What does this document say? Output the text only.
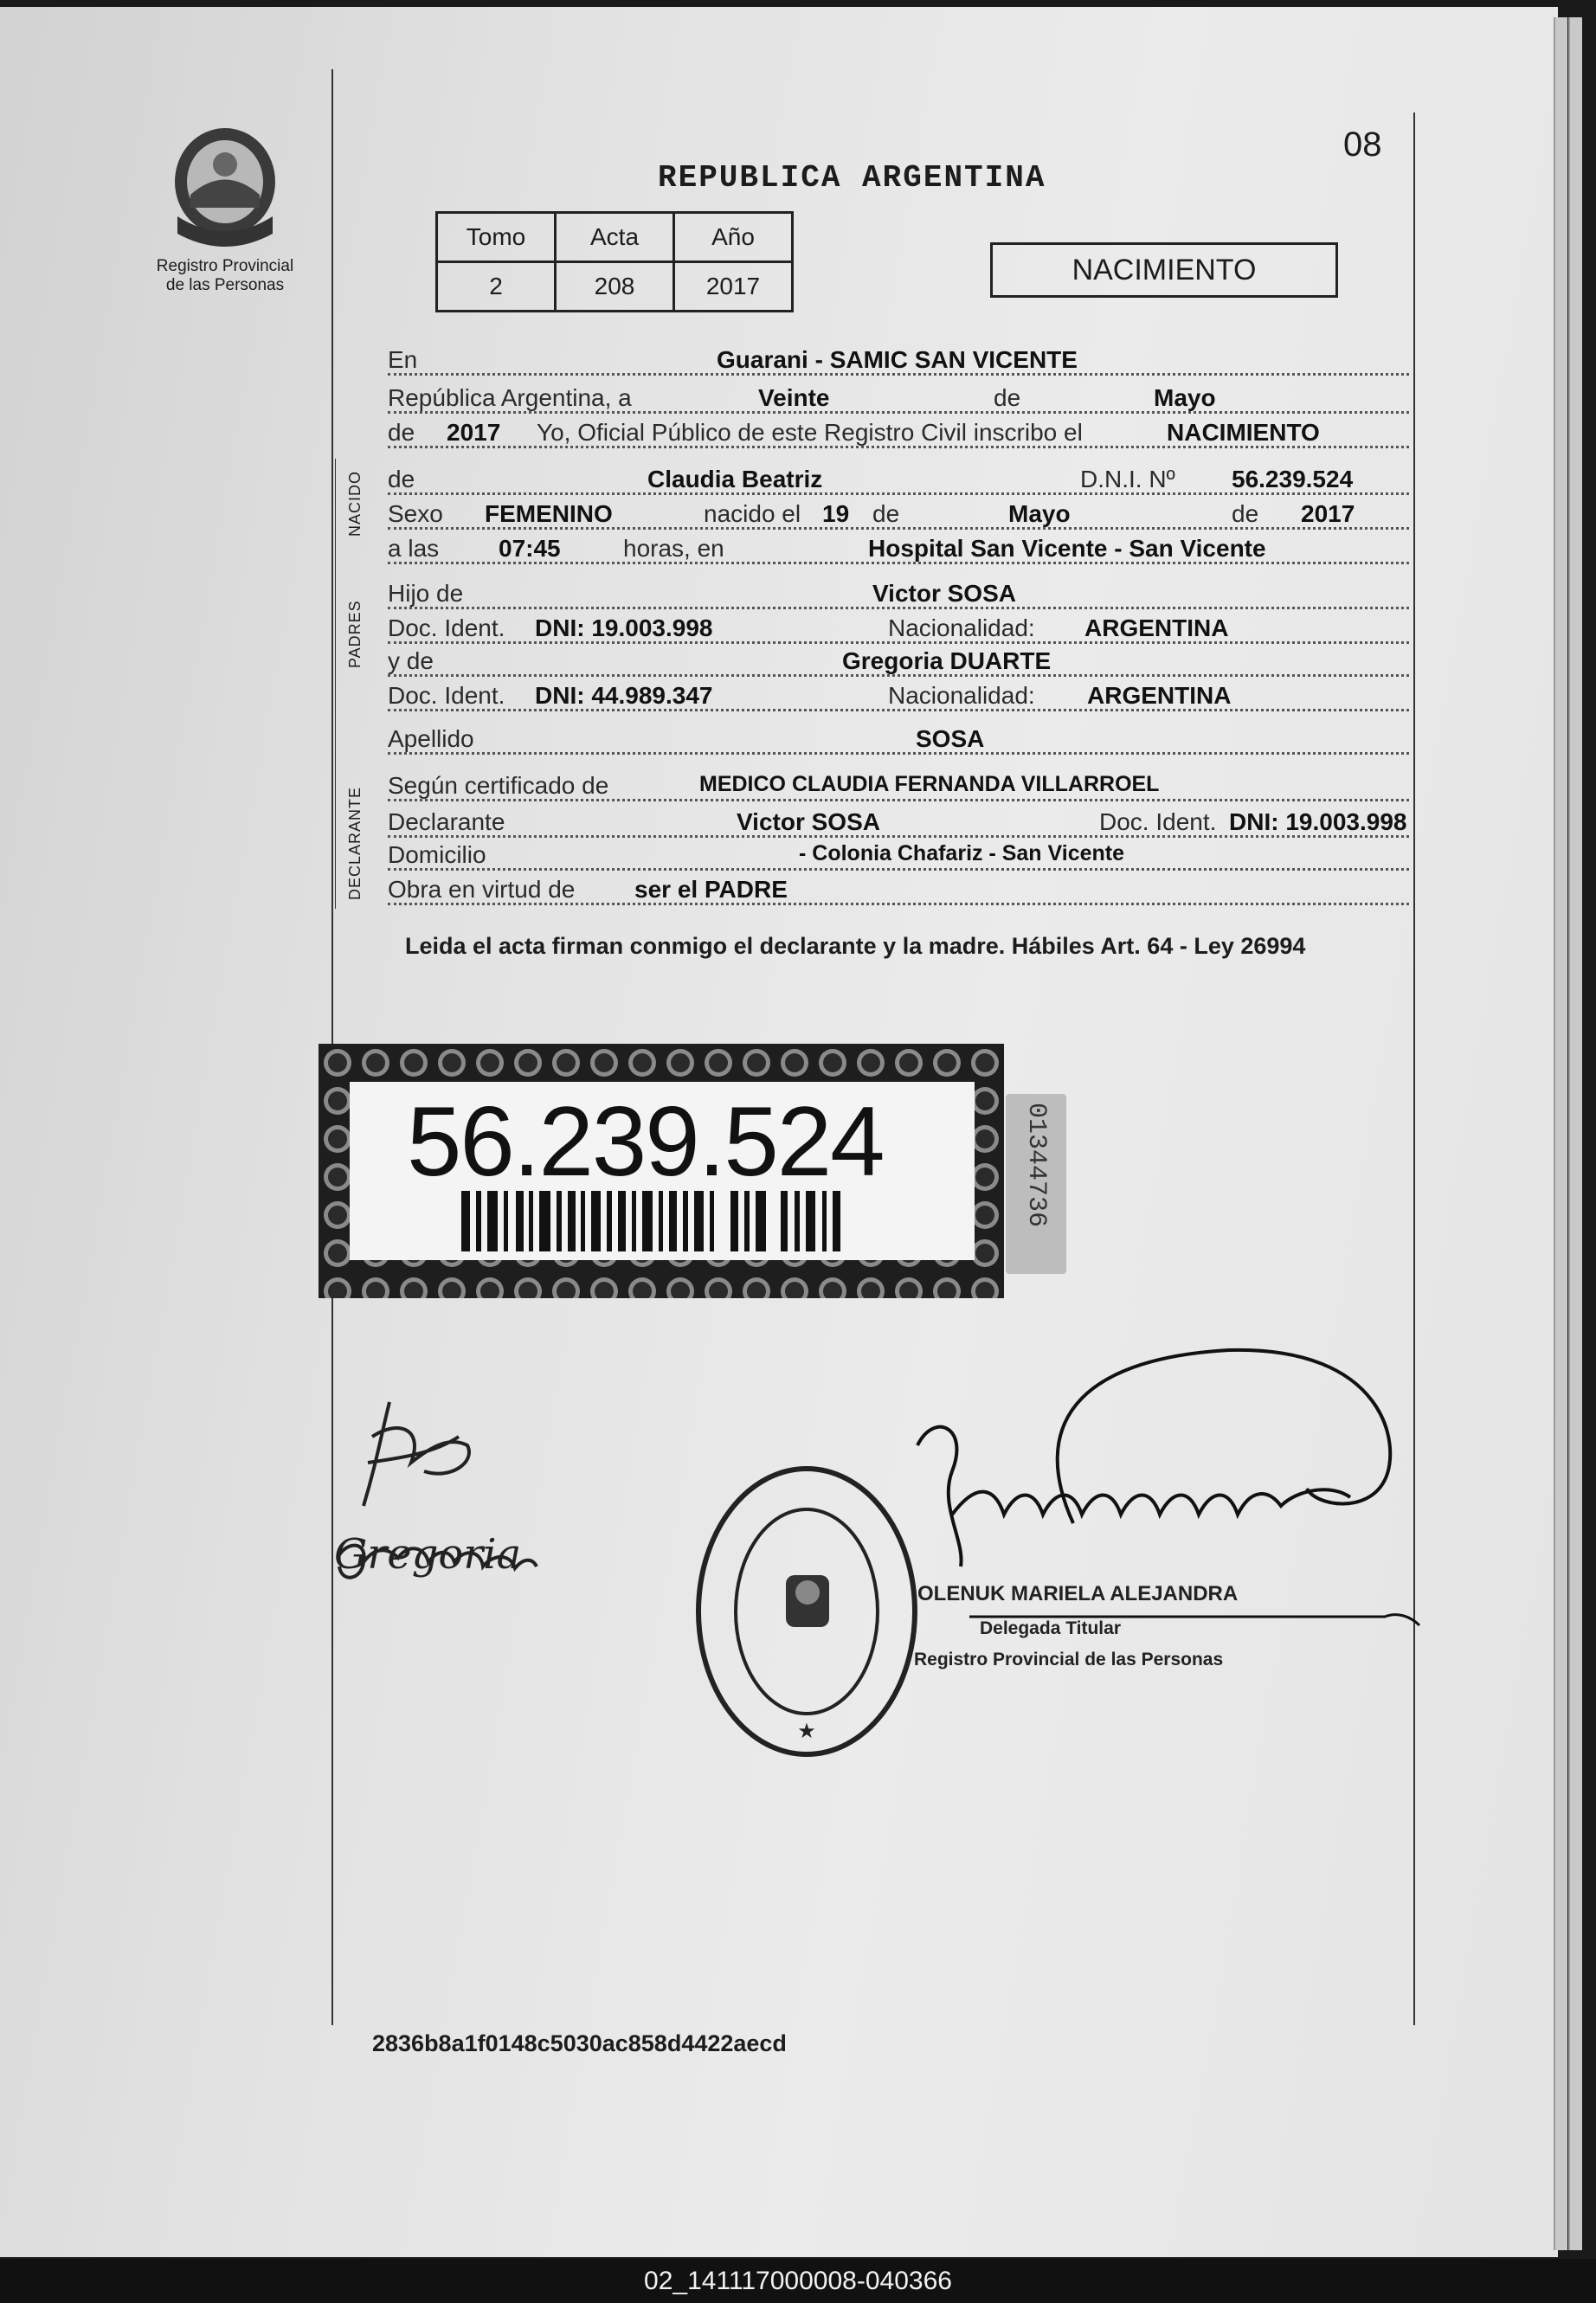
Registro Provincial
de las Personas
REPUBLICA ARGENTINA
08
Tomo	Acta	Año
2	208	2017	NACIMIENTO
NACIDO
PADRES
DECLARANTE
En	Guarani - SAMIC SAN VICENTE
República Argentina, a	Veinte	de	Mayo
de 2017 Yo, Oficial Público de este Registro Civil inscribo el	NACIMIENTO
de	Claudia Beatriz	D.N.I. Nº 56.239.524
Sexo FEMENINO	nacido el 19 de	Mayo	de 2017
a las 07:45	horas, en	Hospital San Vicente - San Vicente
Hijo de	Victor SOSA
Doc. Ident. DNI: 19.003.998	Nacionalidad: ARGENTINA
y de	Gregoria DUARTE
Doc. Ident. DNI: 44.989.347	Nacionalidad: ARGENTINA
Apellido	SOSA
Según certificado de	MEDICO CLAUDIA FERNANDA VILLARROEL
Declarante	Victor SOSA	Doc. Ident. DNI: 19.003.998
Domicilio	- Colonia Chafariz - San Vicente
Obra en virtud de ser el PADRE
Leida el acta firman conmigo el declarante y la madre. Hábiles Art. 64 - Ley 26994
56.239.524	01344736
Gregoria
★
OLENUK MARIELA ALEJANDRA
Delegada Titular
Registro Provincial de las Personas
2836b8a1f0148c5030ac858d4422aecd
02_141117000008-040366
